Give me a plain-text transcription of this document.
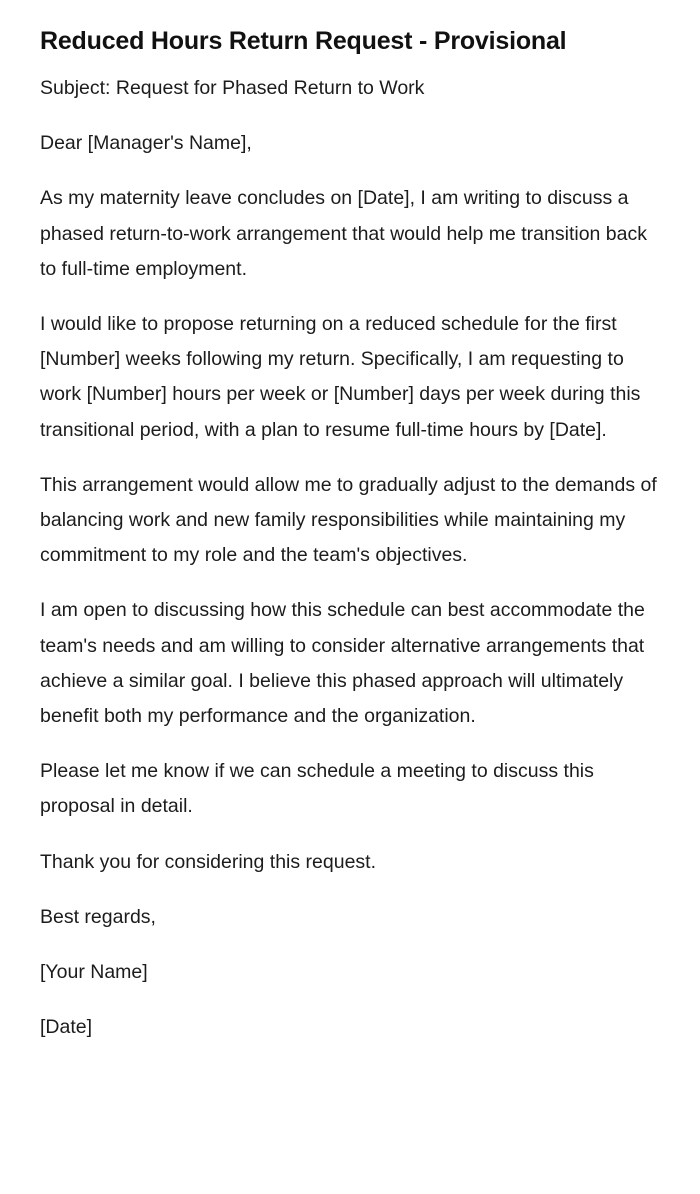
Reduced Hours Return Request - Provisional

Subject: Request for Phased Return to Work

Dear [Manager's Name],

As my maternity leave concludes on [Date], I am writing to discuss a phased return-to-work arrangement that would help me transition back to full-time employment.

I would like to propose returning on a reduced schedule for the first [Number] weeks following my return. Specifically, I am requesting to work [Number] hours per week or [Number] days per week during this transitional period, with a plan to resume full-time hours by [Date].

This arrangement would allow me to gradually adjust to the demands of balancing work and new family responsibilities while maintaining my commitment to my role and the team's objectives.

I am open to discussing how this schedule can best accommodate the team's needs and am willing to consider alternative arrangements that achieve a similar goal. I believe this phased approach will ultimately benefit both my performance and the organization.

Please let me know if we can schedule a meeting to discuss this proposal in detail.

Thank you for considering this request.

Best regards,

[Your Name]

[Date]
